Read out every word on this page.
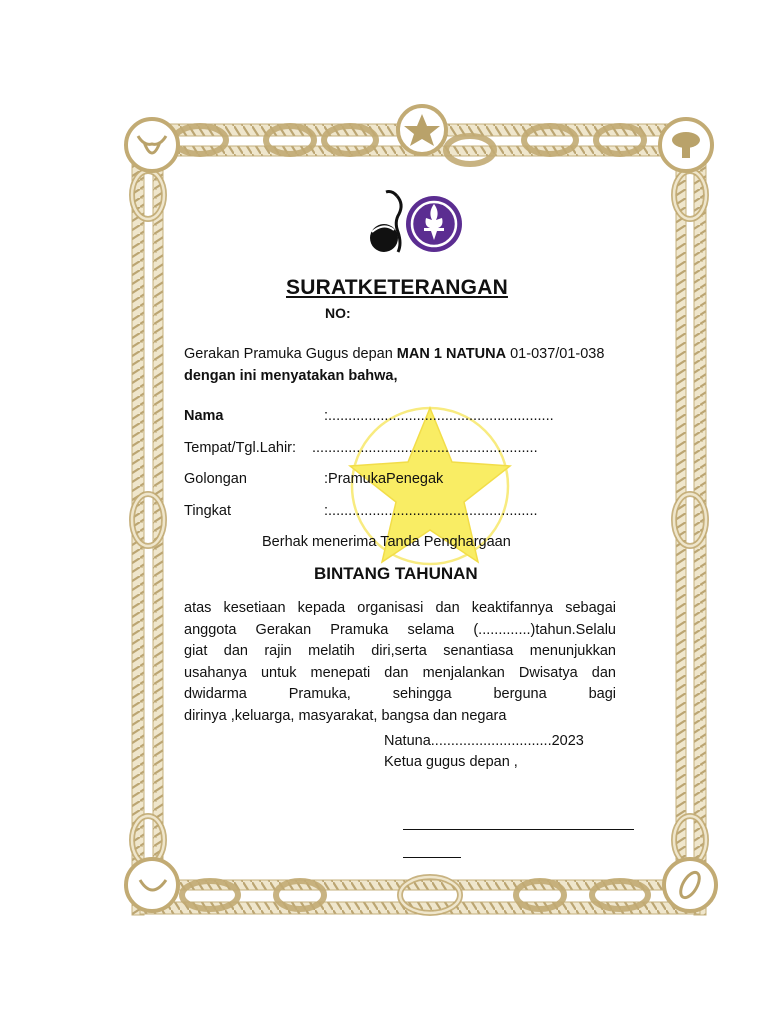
SURATKETERANGAN
NO:
Gerakan Pramuka Gugus depan MAN 1 NATUNA 01-037/01-038
dengan ini menyatakan bahwa,
Nama	:........................................................
Tempat/Tgl.Lahir: ........................................................
Golongan	:PramukaPenegak
Tingkat	:....................................................
Berhak menerima Tanda Penghargaan
BINTANG TAHUNAN
atas kesetiaan kepada organisasi dan keaktifannya sebagai
anggota Gerakan Pramuka selama (.............)tahun.Selalu
giat dan rajin melatih diri,serta senantiasa menunjukkan
usahanya untuk menepati dan menjalankan Dwisatya dan
dwidarma Pramuka, sehingga berguna bagi
dirinya ,keluarga, masyarakat, bangsa dan negara
Natuna..............................2023
Ketua gugus depan ,
